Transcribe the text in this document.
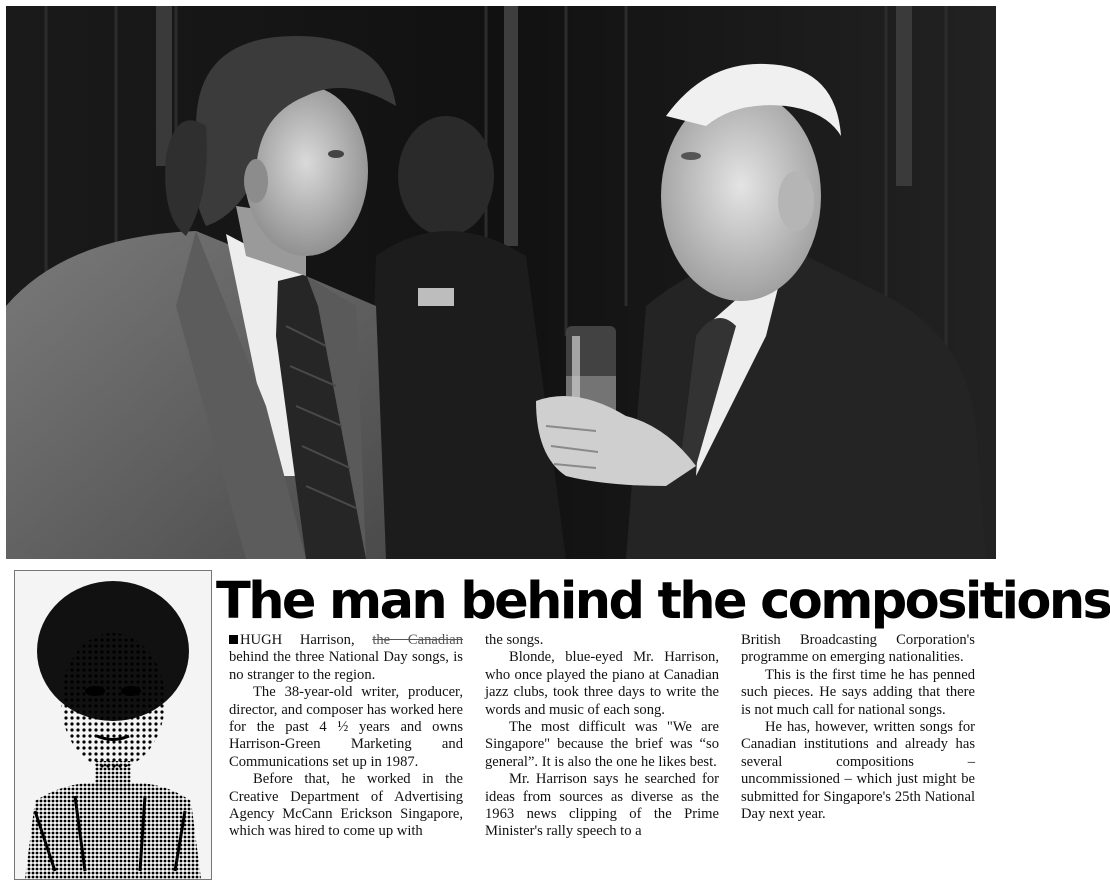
The man behind the compositions

HUGH Harrison, the Canadian behind the three National Day songs, is no stranger to the region.

The 38-year-old writer, producer, director, and composer has worked here for the past 4 ½ years and owns Harrison-Green Marketing and Communications set up in 1987.

Before that, he worked in the Creative Department of Advertising Agency McCann Erickson Singapore, which was hired to come up with

the songs.

Blonde, blue-eyed Mr. Harrison, who once played the piano at Canadian jazz clubs, took three days to write the words and music of each song.

The most difficult was "We are Singapore" because the brief was “so general”. It is also the one he likes best.

Mr. Harrison says he searched for ideas from sources as diverse as the 1963 news clipping of the Prime Minister's rally speech to a

British Broadcasting Corporation's programme on emerging nationalities.

This is the first time he has penned such pieces. He says adding that there is not much call for national songs.

He has, however, written songs for Canadian institutions and already has several compositions – uncommissioned – which just might be submitted for Singapore's 25th National Day next year.
